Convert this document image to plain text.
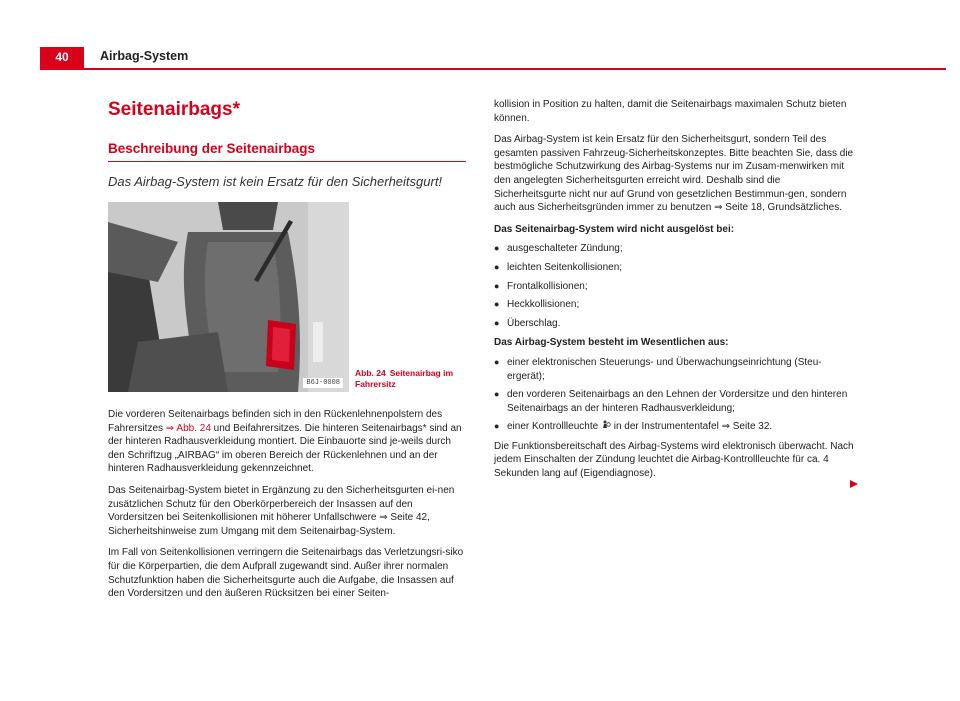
40	Airbag-System
Seitenairbags*
Beschreibung der Seitenairbags

Das Airbag-System ist kein Ersatz für den Sicherheitsgurt!

B6J-0008
Abb. 24 Seitenairbag im Fahrersitz

Die vorderen Seitenairbags befinden sich in den Rückenlehnenpolstern des Fahrersitzes ⇒ Abb. 24 und Beifahrersitzes. Die hinteren Seitenairbags* sind an der hinteren Radhausverkleidung montiert. Die Einbauorte sind je-weils durch den Schriftzug „AIRBAG“ im oberen Bereich der Rückenlehnen und an der hinteren Radhausverkleidung gekennzeichnet.

Das Seitenairbag-System bietet in Ergänzung zu den Sicherheitsgurten ei-nen zusätzlichen Schutz für den Oberkörperbereich der Insassen auf den Vordersitzen bei Seitenkollisionen mit höherer Unfallschwere ⇒ Seite 42, Sicherheitshinweise zum Umgang mit dem Seitenairbag-System.

Im Fall von Seitenkollisionen verringern die Seitenairbags das Verletzungsri-siko für die Körperpartien, die dem Aufprall zugewandt sind. Außer ihrer normalen Schutzfunktion haben die Sicherheitsgurte auch die Aufgabe, die Insassen auf den Vordersitzen und den äußeren Rücksitzen bei einer Seiten-

kollision in Position zu halten, damit die Seitenairbags maximalen Schutz bieten können.

Das Airbag-System ist kein Ersatz für den Sicherheitsgurt, sondern Teil des gesamten passiven Fahrzeug-Sicherheitskonzeptes. Bitte beachten Sie, dass die bestmögliche Schutzwirkung des Airbag-Systems nur im Zusam-menwirken mit den angelegten Sicherheitsgurten erreicht wird. Deshalb sind die Sicherheitsgurte nicht nur auf Grund von gesetzlichen Bestimmun-gen, sondern auch aus Sicherheitsgründen immer zu benutzen ⇒ Seite 18, Grundsätzliches.

Das Seitenairbag-System wird nicht ausgelöst bei:

● ausgeschalteter Zündung;
● leichten Seitenkollisionen;
● Frontalkollisionen;
● Heckkollisionen;
● Überschlag.

Das Airbag-System besteht im Wesentlichen aus:

● einer elektronischen Steuerungs- und Überwachungseinrichtung (Steu-ergerät);
● den vorderen Seitenairbags an den Lehnen der Vordersitze und den hinteren Seitenairbags an der hinteren Radhausverkleidung;
● einer Kontrollleuchte  in der Instrumententafel ⇒ Seite 32.

Die Funktionsbereitschaft des Airbag-Systems wird elektronisch überwacht. Nach jedem Einschalten der Zündung leuchtet die Airbag-Kontrollleuchte für ca. 4 Sekunden lang auf (Eigendiagnose).
